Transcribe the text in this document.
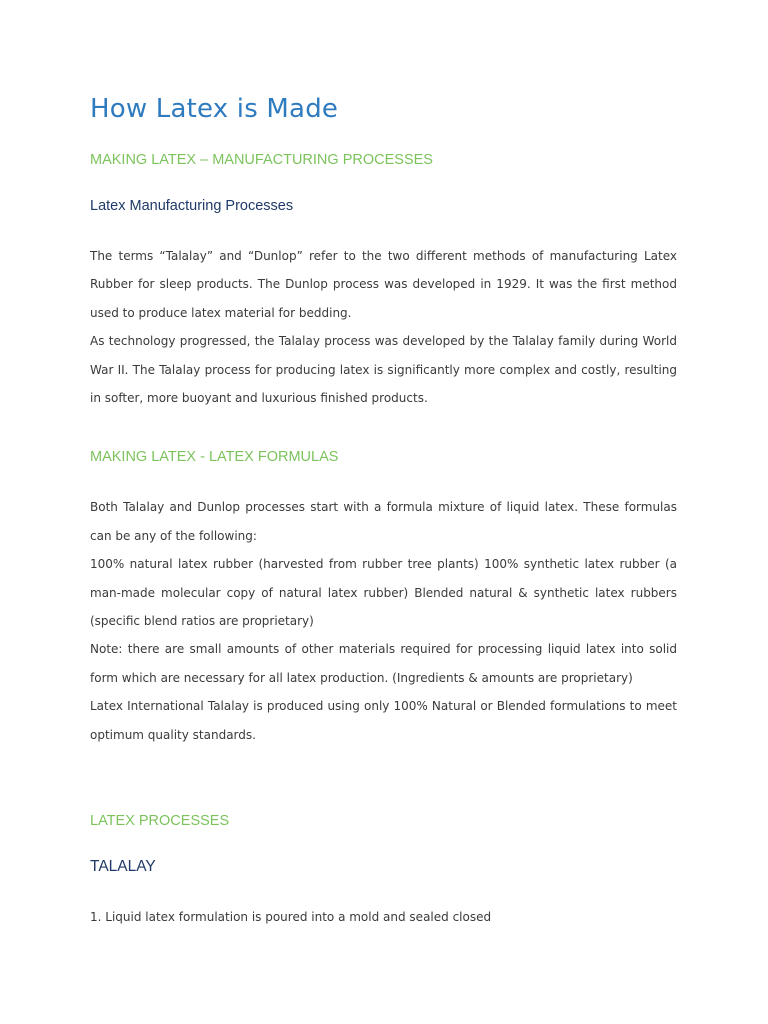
How Latex is Made
MAKING LATEX – MANUFACTURING PROCESSES
Latex Manufacturing Processes

The terms “Talalay” and “Dunlop” refer to the two different methods of manufacturing Latex Rubber for sleep products. The Dunlop process was developed in 1929. It was the first method used to produce latex material for bedding.

As technology progressed, the Talalay process was developed by the Talalay family during World War II. The Talalay process for producing latex is significantly more complex and costly, resulting in softer, more buoyant and luxurious finished products.

MAKING LATEX - LATEX FORMULAS

Both Talalay and Dunlop processes start with a formula mixture of liquid latex. These formulas can be any of the following:

100% natural latex rubber (harvested from rubber tree plants) 100% synthetic latex rubber (a man-made molecular copy of natural latex rubber) Blended natural & synthetic latex rubbers (specific blend ratios are proprietary)

Note: there are small amounts of other materials required for processing liquid latex into solid form which are necessary for all latex production. (Ingredients & amounts are proprietary)

Latex International Talalay is produced using only 100% Natural or Blended formulations to meet optimum quality standards.

LATEX PROCESSES
TALALAY

1. Liquid latex formulation is poured into a mold and sealed closed
